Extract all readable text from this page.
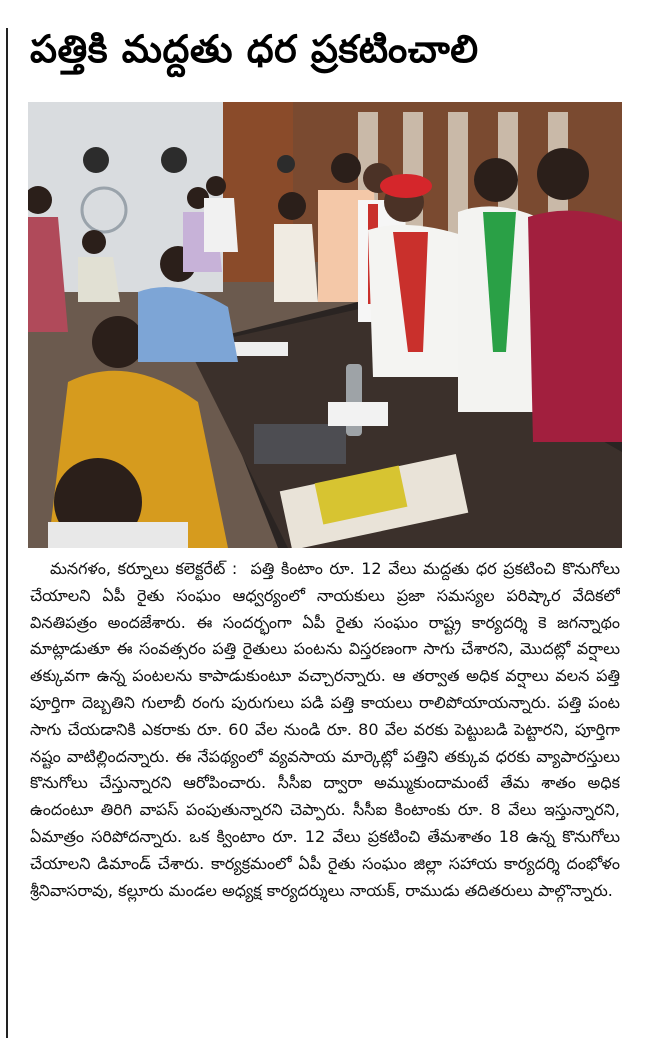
పత్తికి మద్దతు ధర ప్రకటించాలి

మనగళం, కర్నూలు కలెక్టరేట్ : పత్తి కింటాం రూ. 12 వేలు మద్దతు ధర ప్రకటించి కొనుగోలు చేయాలని ఏపీ రైతు సంఘం ఆధ్వర్యంలో నాయకులు ప్రజా సమస్యల పరిష్కార వేదికలో వినతిపత్రం అందజేశారు. ఈ సందర్భంగా ఏపీ రైతు సంఘం రాష్ట్ర కార్యదర్శి కె జగన్నాథం మాట్లాడుతూ ఈ సంవత్సరం పత్తి రైతులు పంటను విస్తరణంగా సాగు చేశారని, మొదట్లో వర్షాలు తక్కువగా ఉన్న పంటలను కాపాడుకుంటూ వచ్చారన్నారు. ఆ తర్వాత అధిక వర్షాలు వలన పత్తి పూర్తిగా దెబ్బతిని గులాబీ రంగు పురుగులు పడి పత్తి కాయలు రాలిపోయాయన్నారు. పత్తి పంట సాగు చేయడానికి ఎకరాకు రూ. 60 వేల నుండి రూ. 80 వేల వరకు పెట్టుబడి పెట్టారని, పూర్తిగా నష్టం వాటిల్లిందన్నారు. ఈ నేపథ్యంలో వ్యవసాయ మార్కెట్లో పత్తిని తక్కువ ధరకు వ్యాపారస్తులు కొనుగోలు చేస్తున్నారని ఆరోపించారు. సీసీఐ ద్వారా అమ్ముకుందామంటే తేమ శాతం అధిక ఉందంటూ తిరిగి వాపస్ పంపుతున్నారని చెప్పారు. సీసీఐ కింటాంకు రూ. 8 వేలు ఇస్తున్నారని, ఏమాత్రం సరిపోదన్నారు. ఒక క్వింటాం రూ. 12 వేలు ప్రకటించి తేమశాతం 18 ఉన్న కొనుగోలు చేయాలని డిమాండ్ చేశారు. కార్యక్రమంలో ఏపీ రైతు సంఘం జిల్లా సహాయ కార్యదర్శి దంభోళం శ్రీనివాసరావు, కల్లూరు మండల అధ్యక్ష కార్యదర్శులు నాయక్, రాముడు తదితరులు పాల్గొన్నారు.
